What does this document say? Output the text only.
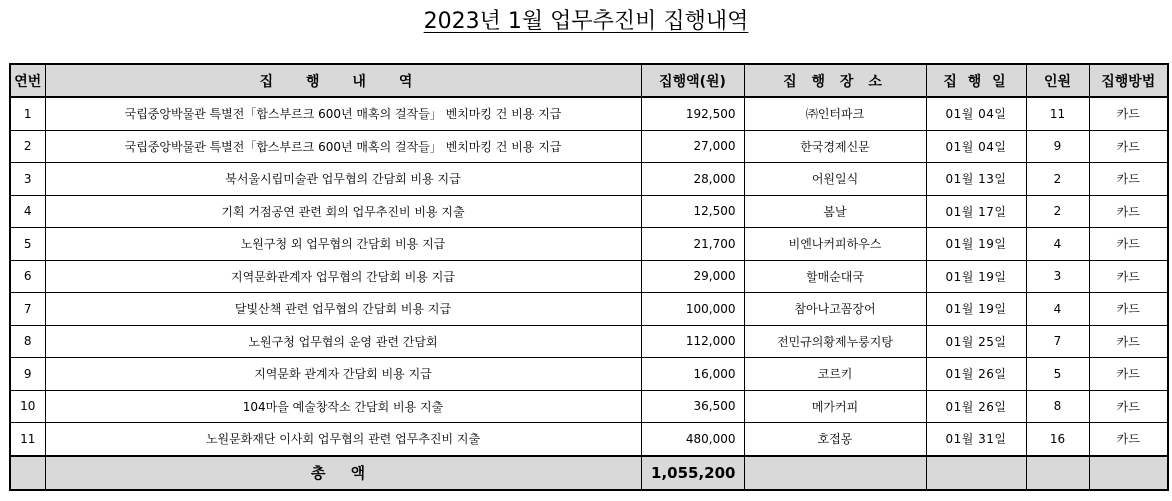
2023년 1월 업무추진비 집행내역
연번	집 행 내 역	집행액(원)	집 행 장 소	집 행 일	인원	집행방법
1	국립중앙박물관 특별전「합스부르크 600년 매혹의 걸작들」 벤치마킹 건 비용 지급	192,500	㈜인터파크	01월 04일	11	카드
2	국립중앙박물관 특별전「합스부르크 600년 매혹의 걸작들」 벤치마킹 건 비용 지급	27,000	한국경제신문	01월 04일	9	카드
3	북서울시립미술관 업무협의 간담회 비용 지급	28,000	어원일식	01월 13일	2	카드
4	기획 거점공연 관련 회의 업무추진비 비용 지출	12,500	봄날	01월 17일	2	카드
5	노원구청 외 업무협의 간담회 비용 지급	21,700	비엔나커피하우스	01월 19일	4	카드
6	지역문화관계자 업무협의 간담회 비용 지급	29,000	할매순대국	01월 19일	3	카드
7	달빛산책 관련 업무협의 간담회 비용 지급	100,000	참아나고꼼장어	01월 19일	4	카드
8	노원구청 업무협의 운영 관련 간담회	112,000	전민규의황제누룽지탕	01월 25일	7	카드
9	지역문화 관계자 간담회 비용 지급	16,000	코르키	01월 26일	5	카드
10	104마을 예술창작소 간담회 비용 지출	36,500	메가커피	01월 26일	8	카드
11	노원문화재단 이사회 업무협의 관련 업무추진비 지출	480,000	호접몽	01월 31일	16	카드
	총 액	1,055,200				
